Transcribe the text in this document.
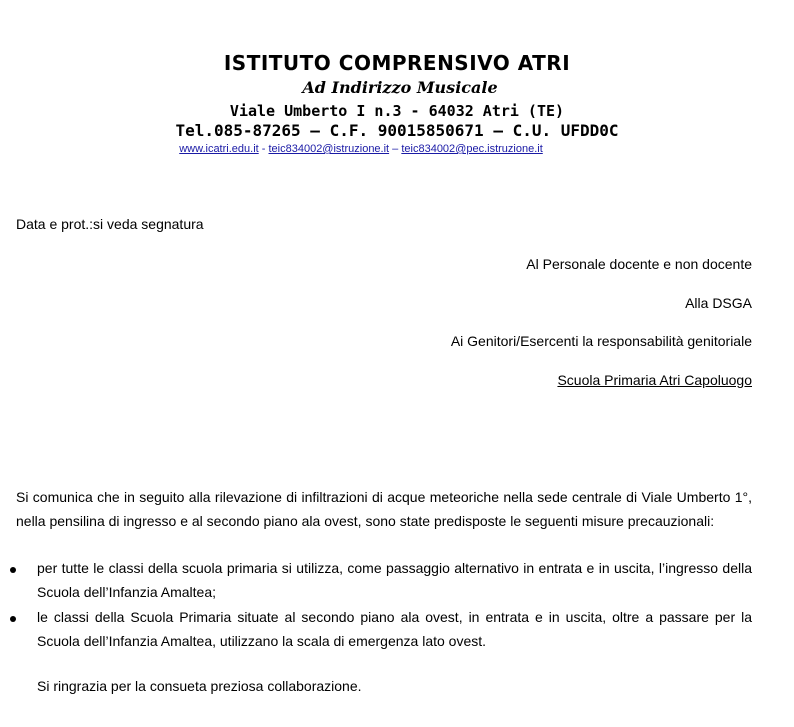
ISTITUTO COMPRENSIVO ATRI
Ad Indirizzo Musicale
Viale Umberto I n.3 - 64032 Atri (TE)
Tel.085-87265 – C.F. 90015850671 – C.U. UFDD0C
www.icatri.edu.it - teic834002@istruzione.it – teic834002@pec.istruzione.it
Data e prot.:si veda segnatura
Al Personale docente e non docente
Alla DSGA
Ai Genitori/Esercenti la responsabilità genitoriale
Scuola Primaria Atri Capoluogo
Si comunica che in seguito alla rilevazione di infiltrazioni di acque meteoriche nella sede centrale di Viale Umberto 1°, nella pensilina di ingresso e al secondo piano ala ovest, sono state predisposte le seguenti misure precauzionali:
per tutte le classi della scuola primaria si utilizza, come passaggio alternativo in entrata e in uscita, l’ingresso della Scuola dell’Infanzia Amaltea;
le classi della Scuola Primaria situate al secondo piano ala ovest, in entrata e in uscita, oltre a passare per la Scuola dell’Infanzia Amaltea, utilizzano la scala di emergenza lato ovest.
Si ringrazia per la consueta preziosa collaborazione.
